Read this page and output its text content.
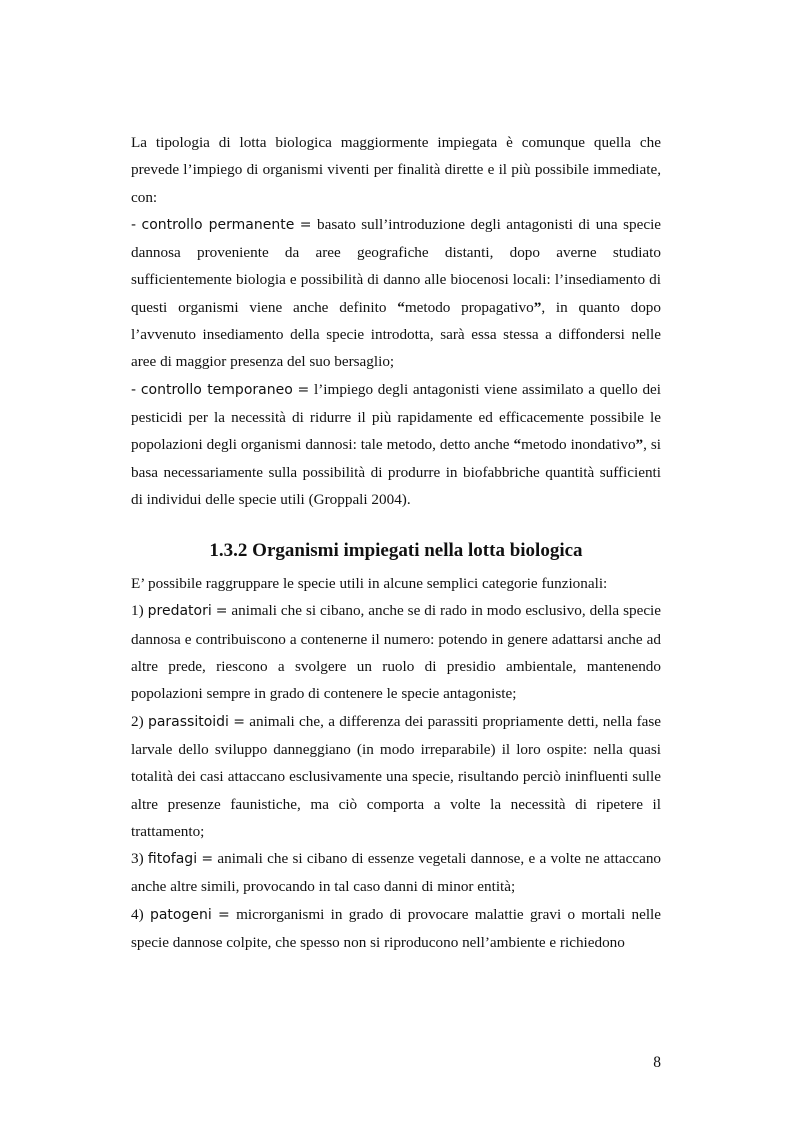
La tipologia di lotta biologica maggiormente impiegata è comunque quella che prevede l’impiego di organismi viventi per finalità dirette e il più possibile immediate, con:

- controllo permanente = basato sull’introduzione degli antagonisti di una specie dannosa proveniente da aree geografiche distanti, dopo averne studiato sufficientemente biologia e possibilità di danno alle biocenosi locali: l’insediamento di questi organismi viene anche definito “metodo propagativo”, in quanto dopo l’avvenuto insediamento della specie introdotta, sarà essa stessa a diffondersi nelle aree di maggior presenza del suo bersaglio;

- controllo temporaneo = l’impiego degli antagonisti viene assimilato a quello dei pesticidi per la necessità di ridurre il più rapidamente ed efficacemente possibile le popolazioni degli organismi dannosi: tale metodo, detto anche “metodo inondativo”, si basa necessariamente sulla possibilità di produrre in biofabbriche quantità sufficienti di individui delle specie utili (Groppali 2004).

1.3.2 Organismi impiegati nella lotta biologica

E’ possibile raggruppare le specie utili in alcune semplici categorie funzionali:

1) predatori = animali che si cibano, anche se di rado in modo esclusivo, della specie dannosa e contribuiscono a contenerne il numero: potendo in genere adattarsi anche ad altre prede, riescono a svolgere un ruolo di presidio ambientale, mantenendo popolazioni sempre in grado di contenere le specie antagoniste;

2) parassitoidi = animali che, a differenza dei parassiti propriamente detti, nella fase larvale dello sviluppo danneggiano (in modo irreparabile) il loro ospite: nella quasi totalità dei casi attaccano esclusivamente una specie, risultando perciò ininfluenti sulle altre presenze faunistiche, ma ciò comporta a volte la necessità di ripetere il trattamento;

3) fitofagi = animali che si cibano di essenze vegetali dannose, e a volte ne attaccano anche altre simili, provocando in tal caso danni di minor entità;

4) patogeni = microrganismi in grado di provocare malattie gravi o mortali nelle specie dannose colpite, che spesso non si riproducono nell’ambiente e richiedono

8
